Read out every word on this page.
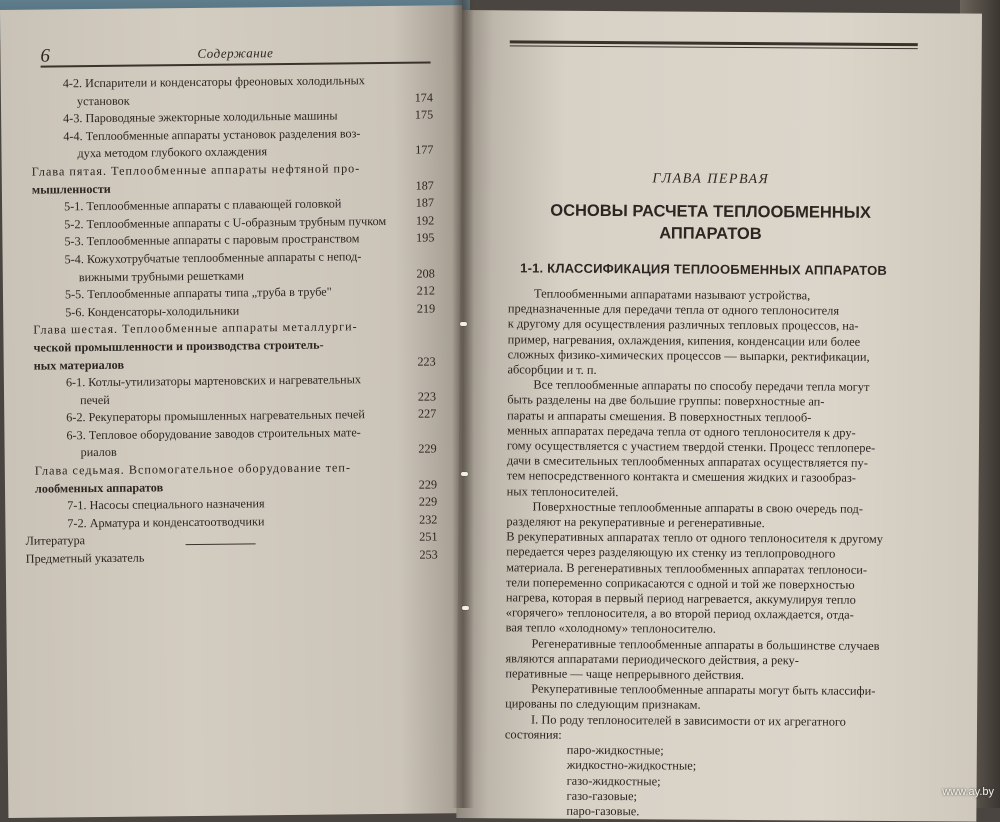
6	Содержание
4-2. Испарители и конденсаторы фреоновых холодильных
установок	174
4-3. Пароводяные эжекторные холодильные машины	175
4-4. Теплообменные аппараты установок разделения воз-
духа методом глубокого охлаждения	177
Глава пятая. Теплообменные аппараты нефтяной про-
мышленности	187
5-1. Теплообменные аппараты с плавающей головкой	187
5-2. Теплообменные аппараты с U-образным трубным пучком 192
5-3. Теплообменные аппараты с паровым пространством	195
5-4. Кожухотрубчатые теплообменные аппараты с непод-
вижными трубными решетками	208
5-5. Теплообменные аппараты типа „труба в трубе"	212
5-6. Конденсаторы-холодильники	219
Глава шестая. Теплообменные аппараты металлурги-
ческой промышленности и производства строитель-
ных материалов	223
6-1. Котлы-утилизаторы мартеновских и нагревательных
печей	223
6-2. Рекуператоры промышленных нагревательных печей	227
6-3. Тепловое оборудование заводов строительных мате-
риалов	229
Глава седьмая. Вспомогательное оборудование теп-
лообменных аппаратов	229
7-1. Насосы специального назначения	229
7-2. Арматура и конденсатоотводчики	232
Литература	251
Предметный указатель	253
ГЛАВА ПЕРВАЯ
ОСНОВЫ РАСЧЕТА ТЕПЛООБМЕННЫХ
АППАРАТОВ
1-1. КЛАССИФИКАЦИЯ ТЕПЛООБМЕННЫХ АППАРАТОВ

Теплообменными аппаратами называют устройства,
предназначенные для передачи тепла от одного теплоносителя
к другому для осуществления различных тепловых процессов, на-
пример, нагревания, охлаждения, кипения, конденсации или более
сложных физико-химических процессов — выпарки, ректификации,
абсорбции и т. п.

Все теплообменные аппараты по способу передачи тепла могут
быть разделены на две большие группы: поверхностные ап-
параты и аппараты смешения. В поверхностных теплооб-
менных аппаратах передача тепла от одного теплоносителя к дру-
гому осуществляется с участием твердой стенки. Процесс теплопере-
дачи в смесительных теплообменных аппаратах осуществляется пу-
тем непосредственного контакта и смешения жидких и газообраз-
ных теплоносителей.

Поверхностные теплообменные аппараты в свою очередь под-
разделяют на рекуперативные и регенеративные.
В рекуперативных аппаратах тепло от одного теплоносителя к другому
передается через разделяющую их стенку из теплопроводного
материала. В регенеративных теплообменных аппаратах теплоноси-
тели попеременно соприкасаются с одной и той же поверхностью
нагрева, которая в первый период нагревается, аккумулируя тепло
«горячего» теплоносителя, а во второй период охлаждается, отда-
вая тепло «холодному» теплоносителю.

Регенеративные теплообменные аппараты в большинстве случаев
являются аппаратами периодического действия, а реку-
перативные — чаще непрерывного действия.

Рекуперативные теплообменные аппараты могут быть классифи-
цированы по следующим признакам.

I. По роду теплоносителей в зависимости от их агрегатного
состояния:

паро-жидкостные;
жидкостно-жидкостные;
газо-жидкостные;
газо-газовые;
паро-газовые.
www.ay.by
